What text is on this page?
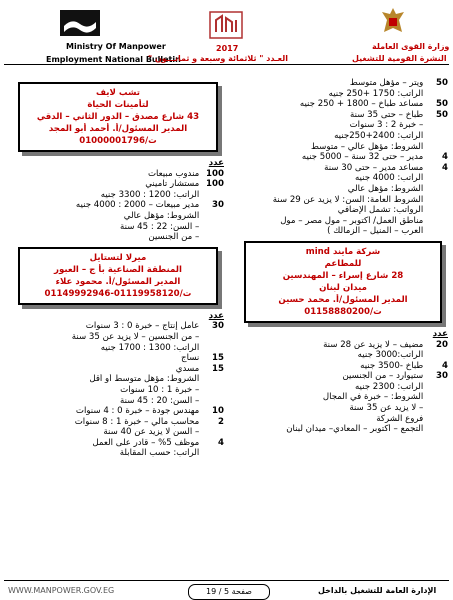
Ministry Of Manpower
Employment National Bulletin
2017
العـدد " ثلاثمائة وسبعة و ثمانـــون "
وزارة القوى العاملة
النشرة القومية للتشغيل
50 ويتر – مؤهل متوسط
الراتب: 1750 +250 جنيه
50 مساعد طباخ – 1800 + 250 جنيه
50 طباخ – حتى 35 سنة
– خبرة 2 : 3 سنوات
الراتب: 2400+250جنيه
الشروط: مؤهل عالي – متوسط
4 مدير – حتى 32 سنة – 5000 جنيه
4 مساعد مدير – حتى 30 سنة
الراتب: 4000 جنيه
الشروط: مؤهل عالي
الشروط العامة: السن: لا يزيد عن 29 سنة
الرواتب: تشمل الإضافي
مناطق العمل/ أكتوبر – مول مصر – مول
العرب – المنيل – الزمالك )
شركة مايند mind
للمطاعم
28 شارع إسراء – المهندسين
ميدان لبنان
المدير المسئول/أ. محمد حسين
ت/01158880200
عدد
20 مضيف – لا يزيد عن 28 سنة
الراتب:3000 جنيه
4 طباخ -3500 جنيه
30 ستيوارد – من الجنسين
الراتب: 2300 جنيه
الشروط: – خبرة في المجال
– لا يزيد عن 35 سنة
فروع الشركة
التجمع – أكتوبر – المعادي– ميدان لبنان
تشب لايف
لتأمينات الحياة
43 شارع مصدق – الدور الثاني – الدقي
المدير المسئول/أ. أحمد أبو المجد
ت/01000001796
عدد
100 مندوب مبيعات
100 مستشار تأميني
الراتب: 1200 : 3300 جنيه
30 مدير مبيعات – 2000 : 4000 جنيه
الشروط: مؤهل عالي
– السن: 22 : 45 سنة
– من الجنسين
ميرلا لتستايل
المنطقة الصناعية بأ ج – العبور
المدير المسئول/أ. محمود علاء
ت/01119958120-01149992946
عدد
30 عامل إنتاج – خبرة 0 : 3 سنوات
– من الجنسين – لا يزيد عن 35 سنة
الراتب: 1300 : 1700 جنيه
15 نساج
15 مسدي
الشروط: مؤهل متوسط أو أقل
– خبرة 1 : 10 سنوات
– السن: 20 : 45 سنة
10 مهندس جودة – خبرة 0 : 4 سنوات
2 محاسب مالي – خبرة 1 : 8 سنوات
– السن لا يزيد عن 40 سنة
4 موظف 5% – قادر على العمل
الراتب: حسب المقابلة
WWW.MANPOWER.GOV.EG	صفحة 5 / 19	الإدارة العامة للتشغيل بالداخل
